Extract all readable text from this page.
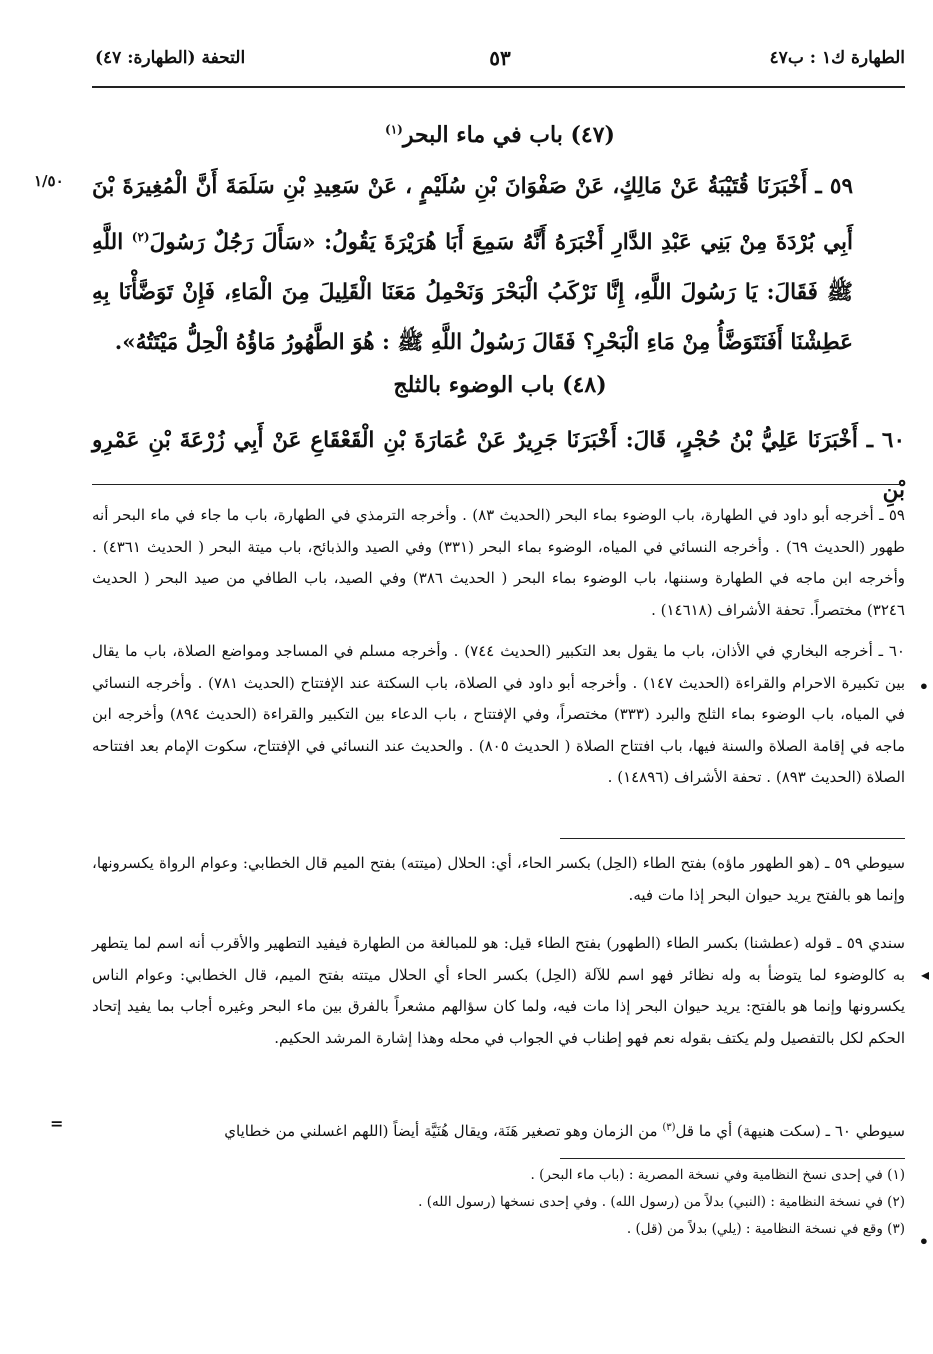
الطهارة ك١ : ب٤٧
٥٣
التحفة (الطهارة: ٤٧)
(٤٧) باب في ماء البحر$^{(١)}$
١/٥٠ ٥٩ ـ أَخْبَرَنَا قُتَيْبَةُ عَنْ مَالِكٍ، عَنْ صَفْوَانَ بْنِ سُلَيْمٍ ، عَنْ سَعِيدِ بْنِ سَلَمَةَ أَنَّ الْمُغِيرَةَ بْنَ أَبِي بُرْدَةَ مِنْ بَنِي عَبْدِ الدَّارِ أَخْبَرَهُ أَنَّهُ سَمِعَ أَبَا هُرَيْرَةَ يَقُولُ: «سَأَلَ رَجُلٌ رَسُولَ$^{(٢)}$ اللَّهِ ﷺ فَقَالَ: يَا رَسُولَ اللَّهِ، إِنَّا نَرْكَبُ الْبَحْرَ وَنَحْمِلُ مَعَنَا الْقَلِيلَ مِنَ الْمَاءِ، فَإِنْ تَوَضَّأْنَا بِهِ عَطِشْنَا أَفَنَتَوَضَّأُ مِنْ مَاءِ الْبَحْرِ؟ فَقَالَ رَسُولُ اللَّهِ ﷺ : هُوَ الطَّهُورُ مَاؤُهُ الْحِلُّ مَيْتَتُهُ».
(٤٨) باب الوضوء بالثلج
٦٠ ـ أَخْبَرَنَا عَلِيُّ بْنُ حُجْرٍ، قَالَ: أَخْبَرَنَا جَرِيرٌ عَنْ عُمَارَةَ بْنِ الْقَعْقَاعِ عَنْ أَبِي زُرْعَةَ بْنِ عَمْرِو بْنِ
٥٩ ـ أخرجه أبو داود في الطهارة، باب الوضوء بماء البحر (الحديث ٨٣) . وأخرجه الترمذي في الطهارة، باب ما جاء في ماء البحر أنه طهور (الحديث ٦٩) . وأخرجه النسائي في المياه، الوضوء بماء البحر (٣٣١) وفي الصيد والذبائح، باب ميتة البحر ( الحديث ٤٣٦١) . وأخرجه ابن ماجه في الطهارة وسننها، باب الوضوء بماء البحر ( الحديث ٣٨٦) وفي الصيد، باب الطافي من صيد البحر ( الحديث ٣٢٤٦) مختصراً. تحفة الأشراف (١٤٦١٨) .
٦٠ ـ أخرجه البخاري في الأذان، باب ما يقول بعد التكبير (الحديث ٧٤٤) . وأخرجه مسلم في المساجد ومواضع الصلاة، باب ما يقال بين تكبيرة الاحرام والقراءة (الحديث ١٤٧) . وأخرجه أبو داود في الصلاة، باب السكتة عند الإفتتاح (الحديث ٧٨١) . وأخرجه النسائي في المياه، باب الوضوء بماء الثلج والبرد (٣٣٣) مختصراً، وفي الإفتتاح ، باب الدعاء بين التكبير والقراءة (الحديث ٨٩٤) وأخرجه ابن ماجه في إقامة الصلاة والسنة فيها، باب افتتاح الصلاة ( الحديث ٨٠٥) . والحديث عند النسائي في الإفتتاح، سكوت الإمام بعد افتتاحه الصلاة (الحديث ٨٩٣) . تحفة الأشراف (١٤٨٩٦) .
سيوطي ٥٩ ـ (هو الطهور ماؤه) بفتح الطاء (الحِل) بكسر الحاء، أي: الحلال (ميتته) بفتح الميم قال الخطابي: وعوام الرواة يكسرونها، وإنما هو بالفتح يريد حيوان البحر إذا مات فيه.
سندي ٥٩ ـ قوله (عطشنا) بكسر الطاء (الطهور) بفتح الطاء قيل: هو للمبالغة من الطهارة فيفيد التطهير والأقرب أنه اسم لما يتطهر به كالوضوء لما يتوضأ به وله نظائر فهو اسم للآلة (الحِل) بكسر الحاء أي الحلال ميتته بفتح الميم، قال الخطابي: وعوام الناس يكسرونها وإنما هو بالفتح: يريد حيوان البحر إذا مات فيه، ولما كان سؤالهم مشعراً بالفرق بين ماء البحر وغيره أجاب بما يفيد إتحاد الحكم لكل بالتفصيل ولم يكتف بقوله نعم فهو إطناب في الجواب في محله وهذا إشارة المرشد الحكيم.
سيوطي ٦٠ ـ (سكت هنيهة) أي ما قل$^{(٣)}$ من الزمان وهو تصغير هَنَة، ويقال هُنَيَّة أيضاً (اللهم اغسلني من خطاياي
=
(١) في إحدى نسخ النظامية وفي نسخة المصرية : (باب ماء البحر) .
(٢) في نسخة النظامية : (النبي) بدلاً من (رسول الله) . وفي إحدى نسخها (رسول الله) .
(٣) وقع في نسخة النظامية : (يلي) بدلاً من (قل) .
•
◂
•
